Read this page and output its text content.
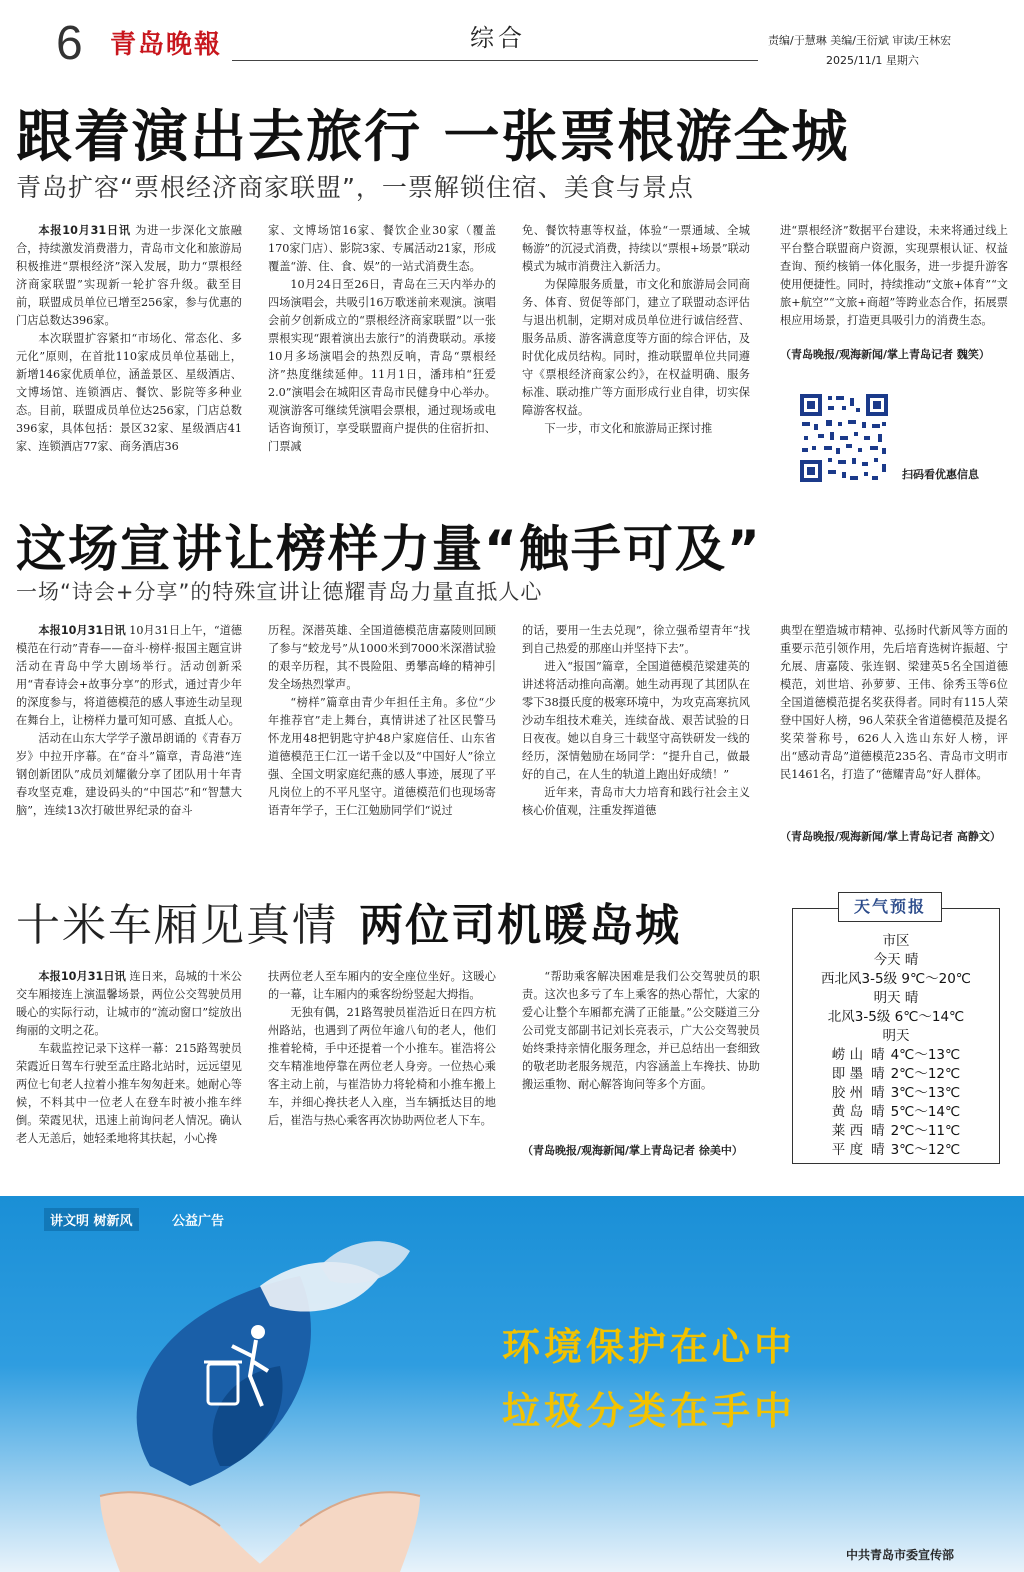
6 青岛晚報	综合	责编/于慧琳 美编/王衍斌 审读/王林宏
2025/11/1 星期六
跟着演出去旅行 一张票根游全城
青岛扩容“票根经济商家联盟”，一票解锁住宿、美食与景点

本报10月31日讯 为进一步深化文旅融合，持续激发消费潜力，青岛市文化和旅游局积极推进“票根经济”深入发展，助力“票根经济商家联盟”实现新一轮扩容升级。截至目前，联盟成员单位已增至256家，参与优惠的门店总数达396家。

本次联盟扩容紧扣“市场化、常态化、多元化”原则，在首批110家成员单位基础上，新增146家优质单位，涵盖景区、星级酒店、文博场馆、连锁酒店、餐饮、影院等多种业态。目前，联盟成员单位达256家，门店总数396家，具体包括：景区32家、星级酒店41家、连锁酒店77家、商务酒店36

家、文博场馆16家、餐饮企业30家（覆盖170家门店）、影院3家、专属活动21家，形成覆盖“游、住、食、娱”的一站式消费生态。

10月24日至26日，青岛在三天内举办的四场演唱会，共吸引16万歌迷前来观演。演唱会前夕创新成立的“票根经济商家联盟”以一张票根实现“跟着演出去旅行”的消费联动。承接10月多场演唱会的热烈反响，青岛“票根经济”热度继续延伸。11月1日，潘玮柏“狂爱2.0”演唱会在城阳区青岛市民健身中心举办。观演游客可继续凭演唱会票根，通过现场或电话咨询预订，享受联盟商户提供的住宿折扣、门票减

免、餐饮特惠等权益，体验“一票通域、全城畅游”的沉浸式消费，持续以“票根+场景”联动模式为城市消费注入新活力。

为保障服务质量，市文化和旅游局会同商务、体育、贸促等部门，建立了联盟动态评估与退出机制，定期对成员单位进行诚信经营、服务品质、游客满意度等方面的综合评估，及时优化成员结构。同时，推动联盟单位共同遵守《票根经济商家公约》，在权益明确、服务标准、联动推广等方面形成行业自律，切实保障游客权益。

下一步，市文化和旅游局正探讨推

进“票根经济”数据平台建设，未来将通过线上平台整合联盟商户资源，实现票根认证、权益查询、预约核销一体化服务，进一步提升游客使用便捷性。同时，持续推动“文旅+体育”“文旅+航空”“文旅+商超”等跨业态合作，拓展票根应用场景，打造更具吸引力的消费生态。

（青岛晚报/观海新闻/掌上青岛记者 魏笑）
扫码看优惠信息
这场宣讲让榜样力量“触手可及”
一场“诗会+分享”的特殊宣讲让德耀青岛力量直抵人心

本报10月31日讯 10月31日上午，“道德模范在行动”青春——奋斗·榜样·报国主题宣讲活动在青岛中学大剧场举行。活动创新采用“青春诗会+故事分享”的形式，通过青少年的深度参与，将道德模范的感人事迹生动呈现在舞台上，让榜样力量可知可感、直抵人心。

活动在山东大学学子激昂朗诵的《青春万岁》中拉开序幕。在“奋斗”篇章，青岛港“连钢创新团队”成员刘耀徽分享了团队用十年青春攻坚克难，建设码头的“中国芯”和“智慧大脑”，连续13次打破世界纪录的奋斗

历程。深潜英雄、全国道德模范唐嘉陵则回顾了参与“蛟龙号”从1000米到7000米深潜试验的艰辛历程，其不畏险阻、勇攀高峰的精神引发全场热烈掌声。

“榜样”篇章由青少年担任主角。多位“少年推荐官”走上舞台，真情讲述了社区民警马怀龙用48把钥匙守护48户家庭信任、山东省道德模范王仁江一诺千金以及“中国好人”徐立强、全国文明家庭纪燕的感人事迹，展现了平凡岗位上的不平凡坚守。道德模范们也现场寄语青年学子，王仁江勉励同学们“说过

的话，要用一生去兑现”，徐立强希望青年“找到自己热爱的那座山并坚持下去”。

进入“报国”篇章，全国道德模范梁建英的讲述将活动推向高潮。她生动再现了其团队在零下38摄氏度的极寒环境中，为攻克高寒抗风沙动车组技术难关，连续奋战、艰苦试验的日日夜夜。她以自身三十载坚守高铁研发一线的经历，深情勉励在场同学：“提升自己，做最好的自己，在人生的轨道上跑出好成绩！”

近年来，青岛市大力培育和践行社会主义核心价值观，注重发挥道德

典型在塑造城市精神、弘扬时代新风等方面的重要示范引领作用，先后培育选树许振超、宁允展、唐嘉陵、张连钢、梁建英5名全国道德模范，刘世培、孙萝萝、王伟、徐秀玉等6位全国道德模范提名奖获得者。同时有115人荣登中国好人榜，96人荣获全省道德模范及提名奖荣誉称号，626人入选山东好人榜，评出“感动青岛”道德模范235名、青岛市文明市民1461名，打造了“德耀青岛”好人群体。

（青岛晚报/观海新闻/掌上青岛记者 高静文）
十米车厢见真情 两位司机暖岛城

本报10月31日讯 连日来，岛城的十米公交车厢接连上演温馨场景，两位公交驾驶员用暖心的实际行动，让城市的“流动窗口”绽放出绚丽的文明之花。

车载监控记录下这样一幕：215路驾驶员荣霞近日驾车行驶至孟庄路北站时，远远望见两位七旬老人拉着小推车匆匆赶来。她耐心等候，不料其中一位老人在登车时被小推车绊倒。荣霞见状，迅速上前询问老人情况。确认老人无恙后，她轻柔地将其扶起，小心搀

扶两位老人至车厢内的安全座位坐好。这暖心的一幕，让车厢内的乘客纷纷竖起大拇指。

无独有偶，21路驾驶员崔浩近日在四方杭州路站，也遇到了两位年逾八旬的老人，他们推着轮椅，手中还提着一个小推车。崔浩将公交车精准地停靠在两位老人身旁。一位热心乘客主动上前，与崔浩协力将轮椅和小推车搬上车，并细心搀扶老人入座，当车辆抵达目的地后，崔浩与热心乘客再次协助两位老人下车。

“帮助乘客解决困难是我们公交驾驶员的职责。这次也多亏了车上乘客的热心帮忙，大家的爱心让整个车厢都充满了正能量。”公交隧道三分公司党支部副书记刘长亮表示，广大公交驾驶员始终秉持亲情化服务理念，并已总结出一套细致的敬老助老服务规范，内容涵盖上车搀扶、协助搬运重物、耐心解答询问等多个方面。

（青岛晚报/观海新闻/掌上青岛记者 徐美中）
天气预报
市区
今天 晴
西北风3-5级 9℃～20℃
明天 晴
北风3-5级 6℃～14℃
明天
崂 山 晴 4℃～13℃
即 墨 晴 2℃～12℃
胶 州 晴 3℃～13℃
黄 岛 晴 5℃～14℃
莱 西 晴 2℃～11℃
平 度 晴 3℃～12℃
讲文明 树新风	公益广告
环境保护在心中
垃圾分类在手中
中共青岛市委宣传部
